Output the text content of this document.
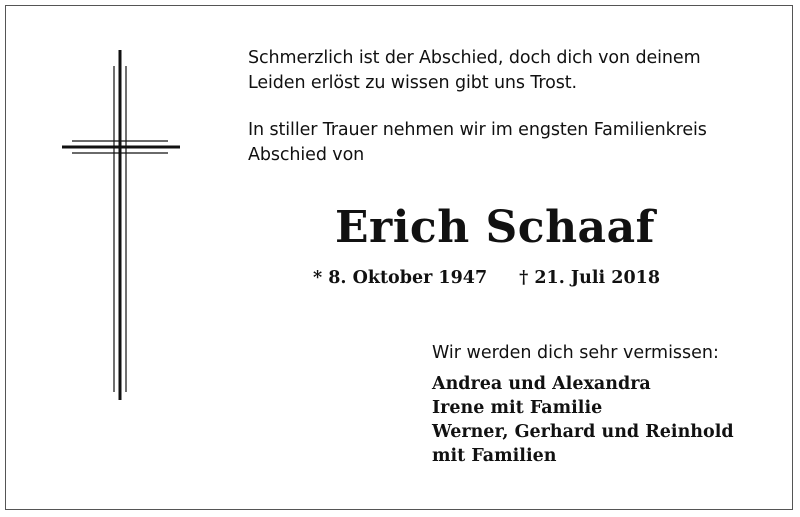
Schmerzlich ist der Abschied, doch dich von deinem
Leiden erlöst zu wissen gibt uns Trost.

In stiller Trauer nehmen wir im engsten Familienkreis
Abschied von

Erich Schaaf
* 8. Oktober 1947 † 21. Juli 2018

Wir werden dich sehr vermissen:

Andrea und Alexandra
Irene mit Familie
Werner, Gerhard und Reinhold
mit Familien
